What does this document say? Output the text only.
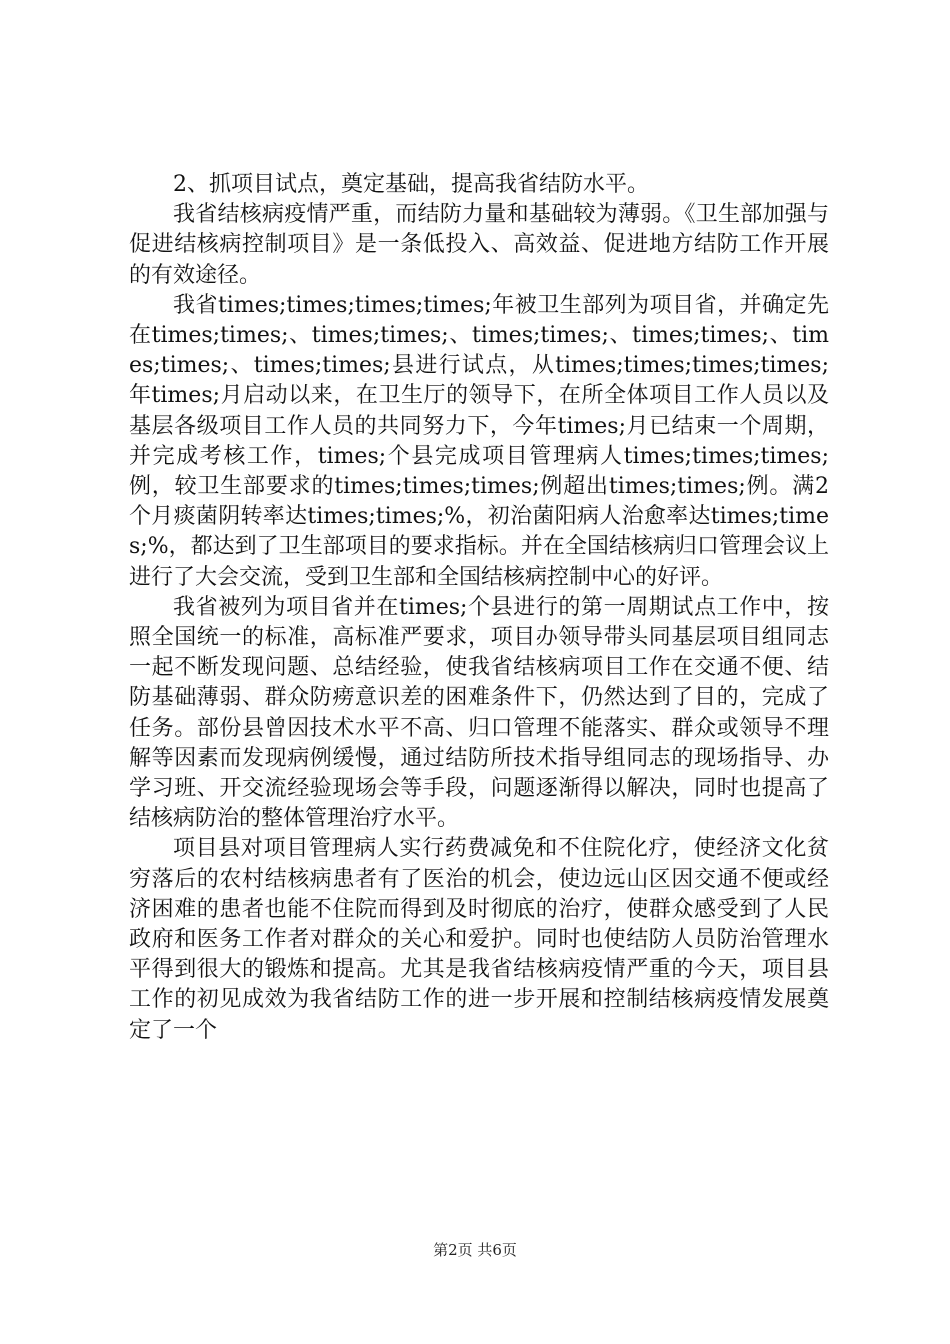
2、抓项目试点，奠定基础，提高我省结防水平。

我省结核病疫情严重，而结防力量和基础较为薄弱。《卫生部加强与促进结核病控制项目》是一条低投入、高效益、促进地方结防工作开展的有效途径。

我省times;times;times;times;年被卫生部列为项目省，并确定先在times;times;、times;times;、times;times;、times;times;、times;times;、times;times;县进行试点，从times;times;times;times;年times;月启动以来，在卫生厅的领导下，在所全体项目工作人员以及基层各级项目工作人员的共同努力下，今年times;月已结束一个周期，并完成考核工作，times;个县完成项目管理病人times;times;times;例，较卫生部要求的times;times;times;例超出times;times;例。满2个月痰菌阴转率达times;times;%，初治菌阳病人治愈率达times;times;%，都达到了卫生部项目的要求指标。并在全国结核病归口管理会议上进行了大会交流，受到卫生部和全国结核病控制中心的好评。

我省被列为项目省并在times;个县进行的第一周期试点工作中，按照全国统一的标准，高标准严要求，项目办领导带头同基层项目组同志一起不断发现问题、总结经验，使我省结核病项目工作在交通不便、结防基础薄弱、群众防痨意识差的困难条件下，仍然达到了目的，完成了任务。部份县曾因技术水平不高、归口管理不能落实、群众或领导不理解等因素而发现病例缓慢，通过结防所技术指导组同志的现场指导、办学习班、开交流经验现场会等手段，问题逐渐得以解决，同时也提高了结核病防治的整体管理治疗水平。

项目县对项目管理病人实行药费减免和不住院化疗，使经济文化贫穷落后的农村结核病患者有了医治的机会，使边远山区因交通不便或经济困难的患者也能不住院而得到及时彻底的治疗，使群众感受到了人民政府和医务工作者对群众的关心和爱护。同时也使结防人员防治管理水平得到很大的锻炼和提高。尤其是我省结核病疫情严重的今天，项目县工作的初见成效为我省结防工作的进一步开展和控制结核病疫情发展奠定了一个

第2页 共6页
